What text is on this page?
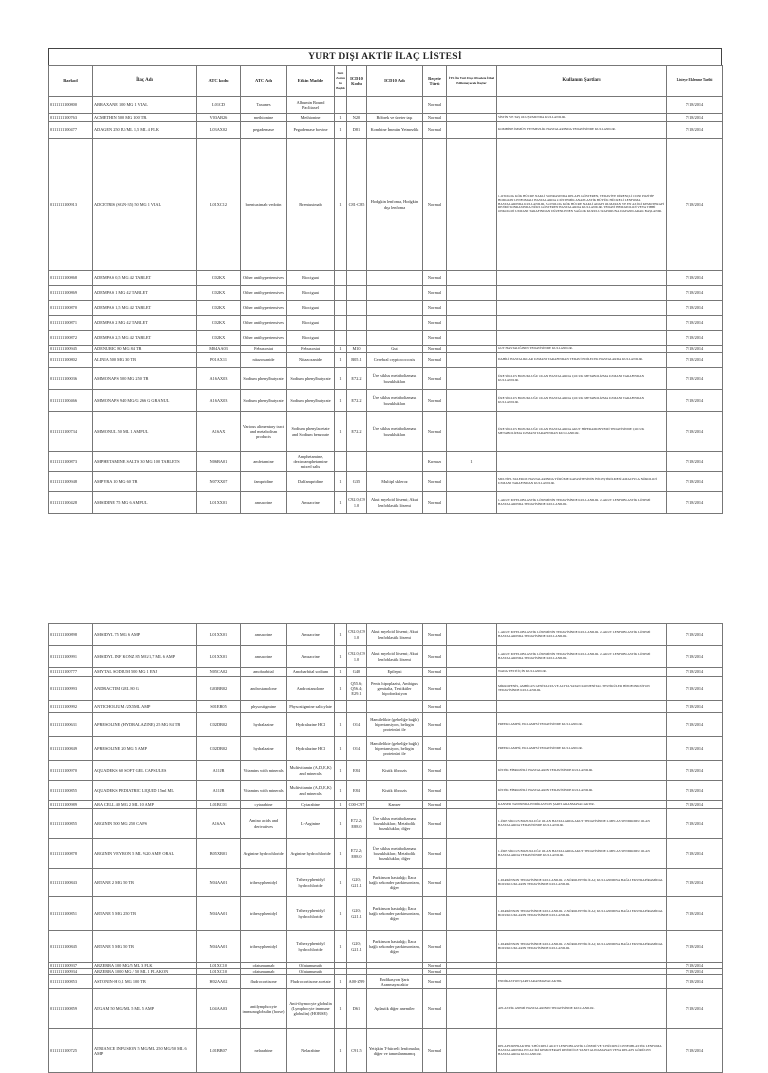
YURT DIŞI AKTİF İLAÇ LİSTESİ
Barkod	İlaç Adı	ATC kodu	ATC Adı	Etkin Madde	Sutt Zorunlu Başlık	ICD10 Kodu	ICD10 Adı	Reçete Türü	İTS İle Yurt Dışı Obsolete İthal Edilemeyecek İlaçlar	Kullanım Şartları	Listeye Eklenme Tarihi
0111111100800	ABRAXANE 100 MG 1 VIAL	L01CD	Taxanes	Albumin Bound Paclitaxel				Normal			7/18/2014
0111111100763	ACMETHIN 500 MG 100 TB.	V03AB26	methionine	Methionine	1	N20	Böbrek ve üreter taşı	Normal		SİSTİN VE TAŞ OLUŞUMUNDA KULLANILIR.	7/18/2014
0111111100477	ADAGEN 250 IU/ML 1,5 ML 4 FLK	L03AX02	pegademase	Pegademase bovine	1	D81	Kombine İmmün Yetmezlik	Normal		KOMBİNE İMMÜN YETMEZLİK HASTALARINDA TEDAVİSİNDE KULLANILIR.	7/18/2014
0111111100913	ADCETRIS (SGN-35) 50 MG 1 VIAL	L01XC12	brentuximab vedotin	Brentuximab	1	C81-C85	Hodgkin lenfoma, Hodgkin dışı lenfoma	Normal		1-OTOLOG KÖK HÜCRE NAKLİ SONRASINDA RELAPS GÖSTEREN, TEDAVİYE DİRENÇLİ CD30 POZİTİF HODGKIN LENFOMALI HASTALARDA 2-SİSTEMİK ANAPLASTİK BÜYÜK HÜCRELİ LENFOMA HASTALARINDA KULLANILIR. 3-OTOLOG KÖK HÜCRE NAKLİ ADAYI OLMAYAN VE EN AZ İKİ KEMOTERAPİ REJİMİ SONRASINDA NÜKS GÖSTEREN HASTALARDA KULLANILIR. TEDAVİ HEMATOLOJİ VEYA TIBBİ ONKOLOJİ UZMANI TARAFINDAN DÜZENLENEN SAĞLIK KURULU RAPORUNA DAYANILARAK BAŞLANIR.	7/18/2014
0111111100868	ADEMPAS 0,5 MG 42 TABLET	C02KX	Other antihypertensives	Riociguat				Normal			7/18/2014
0111111100869	ADEMPAS 1 MG 42 TABLET	C02KX	Other antihypertensives	Riociguat				Normal			7/18/2014
0111111100870	ADEMPAS 1,5 MG 42 TABLET	C02KX	Other antihypertensives	Riociguat				Normal			7/18/2014
0111111100871	ADEMPAS 2 MG 42 TABLET	C02KX	Other antihypertensives	Riociguat				Normal			7/18/2014
0111111100872	ADEMPAS 2,5 MG 42 TABLET	C02KX	Other antihypertensives	Riociguat				Normal			7/18/2014
0111111100945	ADENURIC 80 MG 84 TB	M04AA03	Febuxostat	Febuxostat	1	M10	Gut	Normal		GUT HASTALIĞININ TEDAVİSİNDE KULLANILIR.	7/18/2014
0111111100802	ALINIA 500 MG 30 TB	P01AX11	nitazoxanide	Nitazoxanide	1	B05.1	Cerebral cryptococcosis	Normal		DAHİLİ HASTALIKLAR UZMANI TARAFINDAN TEDAVİ EDİLECEK HASTALARDA KULLANILIR.	7/18/2014
0111111100036	AMMONAPS 500 MG 250 TB	A16AX03	Sodium phenylbutyrate	Sodium phenylbutyrate	1	E72.2	Üre siklus metabolizması bozuklukları	Normal		ÜRE SİKLUS BOZUKLUĞU OLAN HASTALARDA ÇOCUK METABOLİZMA UZMANI TARAFINDAN KULLANILIR.	7/18/2014
0111111100466	AMMONAPS 940 MG/G 266 G GRANUL	A16AX03	Sodium phenylbutyrate	Sodium phenylbutyrate	1	E72.2	Üre siklus metabolizması bozuklukları	Normal		ÜRE SİKLUS BOZUKLUĞU OLAN HASTALARDA ÇOCUK METABOLİZMA UZMANI TARAFINDAN KULLANILIR.	7/18/2014
0111111100734	AMMONUL 50 ML 1 AMPUL	A16AX	Various alimentary tract and metabolism products	Sodium phenylacetate and Sodium benzoate	1	E72.2	Üre siklus metabolizması bozuklukları	Normal		ÜRE SİKLUS BOZUKLUĞU OLAN HASTALARDA AKUT HİPERAMONYEMİ TEDAVİSİNDE ÇOCUK METABOLİZMA UZMANI TARAFINDAN KULLANILIR.	7/18/2014
0111111100873	AMPHETAMINE SALTS 30 MG 100 TABLETS	N06BA01	amfetamine	Amphetamine, dextroamphetamine mixed salts				Kırmızı	1		7/18/2014
0111111100948	AMPYRA 10 MG 60 TB	N07XX07	fampridine	Dalfampridine	1	G35	Multipl skleroz	Normal		MULTİPL SKLEROZ HASTALARINDA YÜRÜME KAPASİTESİNİN İYİLEŞTİRİLMESİ AMACIYLA NÖROLOJİ UZMANI TARAFINDAN KULLANILIR.	7/18/2014
0111111100428	AMSIDINE 75 MG 6 AMPUL	L01XX01	amsacrine	Amsacrine	1	C92.0;C91.0	Akut myeloid lösemi; Akut lenfoblastik lösemi	Normal		1-AKUT MYELOBLASTİK LÖSEMİNİN TEDAVİSİNDE KULLANILIR. 2-AKUT LENFOBLASTİK LÖSEMİ HASTALARINDA TEDAVİSİNDE KULLANILIR.	7/18/2014

0111111100898	AMSIDYL 75 MG 6 AMP	L01XX01	amsacrine	Amsacrine	1	C92.0;C91.0	Akut myeloid lösemi; Akut lenfoblastik lösemi	Normal		1-AKUT MYELOBLASTİK LÖSEMİNİN TEDAVİSİNDE KULLANILIR. 2-AKUT LENFOBLASTİK LÖSEMİ HASTALARINDA TEDAVİSİNDE KULLANILIR.	7/18/2014
0111111100991	AMSIDYL INF KONZ 85 MG/1,7 ML 6 AMP	L01XX01	amsacrine	Amsacrine	1	C92.0;C91.0	Akut myeloid lösemi; Akut lenfoblastik lösemi	Normal		1-AKUT MYELOBLASTİK LÖSEMİNİN TEDAVİSİNDE KULLANILIR. 2-AKUT LENFOBLASTİK LÖSEMİ HASTALARINDA TEDAVİSİNDE KULLANILIR.	7/18/2014
0111111100777	AMYTAL SODIUM 500 MG 1 ENJ	N05CA02	amobarbital	Amobarbital sodium	1	G40	Epilepsi	Normal		WADA TESTİ İÇİN KULLANILIR.	7/18/2014
0111111100993	ANDRACTIM GEL 80 G	G03BB02	androstanolone	Androstanolone	1	Q55.6; Q56.4; E29.1	Penis hipoplazisi, Ambigus genitalia, Testiküler hipofonksiyon	Normal		MİKROPENİS, AMBİGUS GENİTALYA VE ALTTA YATAN KONJENİTAL TESTİKÜLER HİPOFONKSİYON TEDAVİSİNDE KULLANILIR.	7/18/2014
0111111100992	ANTICHOLIUM /2X5ML AMP	S01EB05	physostigmine	Physostigmine salicylate				Normal			7/18/2014
0111111100631	APRESOLINE (HYDRALAZINE) 25 MG 84 TB	C02DB02	hydralazine	Hydralazine HCl	1	O14	Hamilelikte (gebeliğe bağlı) hipertansiyon, belirgin proteinüri ile	Normal		PREEKLAMPSİ, EKLAMPSİ TEDAVİSİNDE KULLANILIR.	7/18/2014
0111111100849	APRESOLINE 20 MG 5 AMP	C02DB02	hydralazine	Hydralazine HCl	1	O14	Hamilelikte (gebeliğe bağlı) hipertansiyon, belirgin proteinüri ile	Normal		PREEKLAMPSİ, EKLAMPSİ TEDAVİSİNDE KULLANILIR.	7/18/2014
0111111100970	AQUADEKS 60 SOFT GEL CAPSULES	A11JB	Vitamins with minerals	Multivitamin (A,D,E,K) and minerals	1	E84	Kistik fibrozis	Normal		KİSTİK FİBROZİSLİ HASTALARIN TEDAVİSİNDE KULLANILIR.	7/18/2014
0111111100855	AQUADEKS PEDIATRIC LIQUID 15ml ML	A11JB	Vitamins with minerals	Multivitamin (A,D,E,K) and minerals	1	E84	Kistik fibrozis	Normal		KİSTİK FİBROZİSLİ HASTALARIN TEDAVİSİNDE KULLANILIR.	7/18/2014
0111111100989	ARA CELL 40 MG 2 ML 10 AMP	L01BC01	cytarabine	Cytarabine	1	C00-C97	Kanser	Normal		KANSER TANISINDA ENDİKASYON ŞARTI ARANMAYACAKTIR.	7/18/2014
0111111100855	ARGININ 500 MG 250 CAPS	A16AA	Amino acids and derivatives	L-Arginine	1	E72.2; E88.0	Üre siklus metabolizması bozuklukları; Metabolik bozukluklar, diğer	Normal		1-ÜRE SİKLUS BOZUKLUĞU OLAN HASTALARDA AKUT TEDAVİSİNDE 2-MELAS SENDROMU OLAN HASTALARDA TEDAVİSİNDE KULLANILIR.	7/18/2014
0111111100878	ARGININ VEYRON 5 ML %20 AMP. ORAL	B05XB01	Arginine hydrochloride	Arginine hydrochloride	1	E72.2; E88.0	Üre siklus metabolizması bozuklukları; Metabolik bozukluklar, diğer	Normal		1-ÜRE SİKLUS BOZUKLUĞU OLAN HASTALARDA AKUT TEDAVİSİNDE 2-MELAS SENDROMU OLAN HASTALARDA TEDAVİSİNDE KULLANILIR.	7/18/2014
0111111100843	ARTANE 2 MG 50 TB	N04AA01	trihexyphenidyl	Trihexyphenidyl hydrochloride	1	G20; G21.1	Parkinson hastalığı; İlaca bağlı sekonder parkinsonizm, diğer	Normal		1-PARKİNSON TEDAVİSİNDE KULLANILIR. 2-NÖROLEPTİK İLAÇ KULLANIMINA BAĞLI EKSTRAPİRAMİDAL BOZUKLUKLARIN TEDAVİSİNDE KULLANILIR.	7/18/2014
0111111100851	ARTANE 5 MG 250 TB	N04AA01	trihexyphenidyl	Trihexyphenidyl hydrochloride	1	G20; G21.1	Parkinson hastalığı; İlaca bağlı sekonder parkinsonizm, diğer	Normal		1-PARKİNSON TEDAVİSİNDE KULLANILIR. 2-NÖROLEPTİK İLAÇ KULLANIMINA BAĞLI EKSTRAPİRAMİDAL BOZUKLUKLARIN TEDAVİSİNDE KULLANILIR.	7/18/2014
0111111100845	ARTANE 5 MG 50 TB	N04AA01	trihexyphenidyl	Trihexyphenidyl hydrochloride	1	G20; G21.1	Parkinson hastalığı; İlaca bağlı sekonder parkinsonizm, diğer	Normal		1-PARKİNSON TEDAVİSİNDE KULLANILIR. 2-NÖROLEPTİK İLAÇ KULLANIMINA BAĞLI EKSTRAPİRAMİDAL BOZUKLUKLARIN TEDAVİSİNDE KULLANILIR.	7/18/2014
0111111100937	ARZERRA 100 MG/5 ML 3 FLK	L01XC10	ofatumumab	Ofatumumab				Normal			7/18/2014
0111111100934	ARZERRA 1000 MG / 50 ML 1 FLAKON	L01XC10	ofatumumab	Ofatumumab				Normal			7/18/2014
0111111100853	ASTONIN-H 0,1 MG 100 TB	H02AA02	fludrocortisone	Fludrocortisone acetate	1	A00-Z99	Endikasyon Şartı Aranmayacaktır	Normal		ENDİKASYON ŞARTI ARANMAYACAKTIR.	7/18/2014
0111111100859	ATGAM 50 MG/ML 5 ML 5 AMP	L04AA03	antilymphocyte immunoglobulin (horse)	Anti-thymocyte globulin (Lymphocyte immune globulin) (HORSE)	1	D61	Aplastik diğer anemiler	Normal		APLASTİK ANEMİ HASTALARININ TEDAVİSİNDE KULLANILIR.	7/18/2014
0111111100725	ATRIANCE INFUSION 5 MG/ML 250 MG/50 ML 6 AMP	L01BB07	nelarabine	Nelarabine	1	C91.5	Yetişkin T-hücreli lenfomalar, diğer ve tanımlanmamış	Normal		RELAPS/REFRAKTER T-HÜCRELİ AKUT LENFOBLASTİK LÖSEMİ VE T-HÜCRELİ LENFOBLASTİK LENFOMA HASTALARINDA EN AZ İKİ KEMOTERAPİ REJİMİ İLE YANIT ALINAMAYAN VEYA RELAPS GÖRÜLEN HASTALARDA KULLANILIR.	7/18/2014
